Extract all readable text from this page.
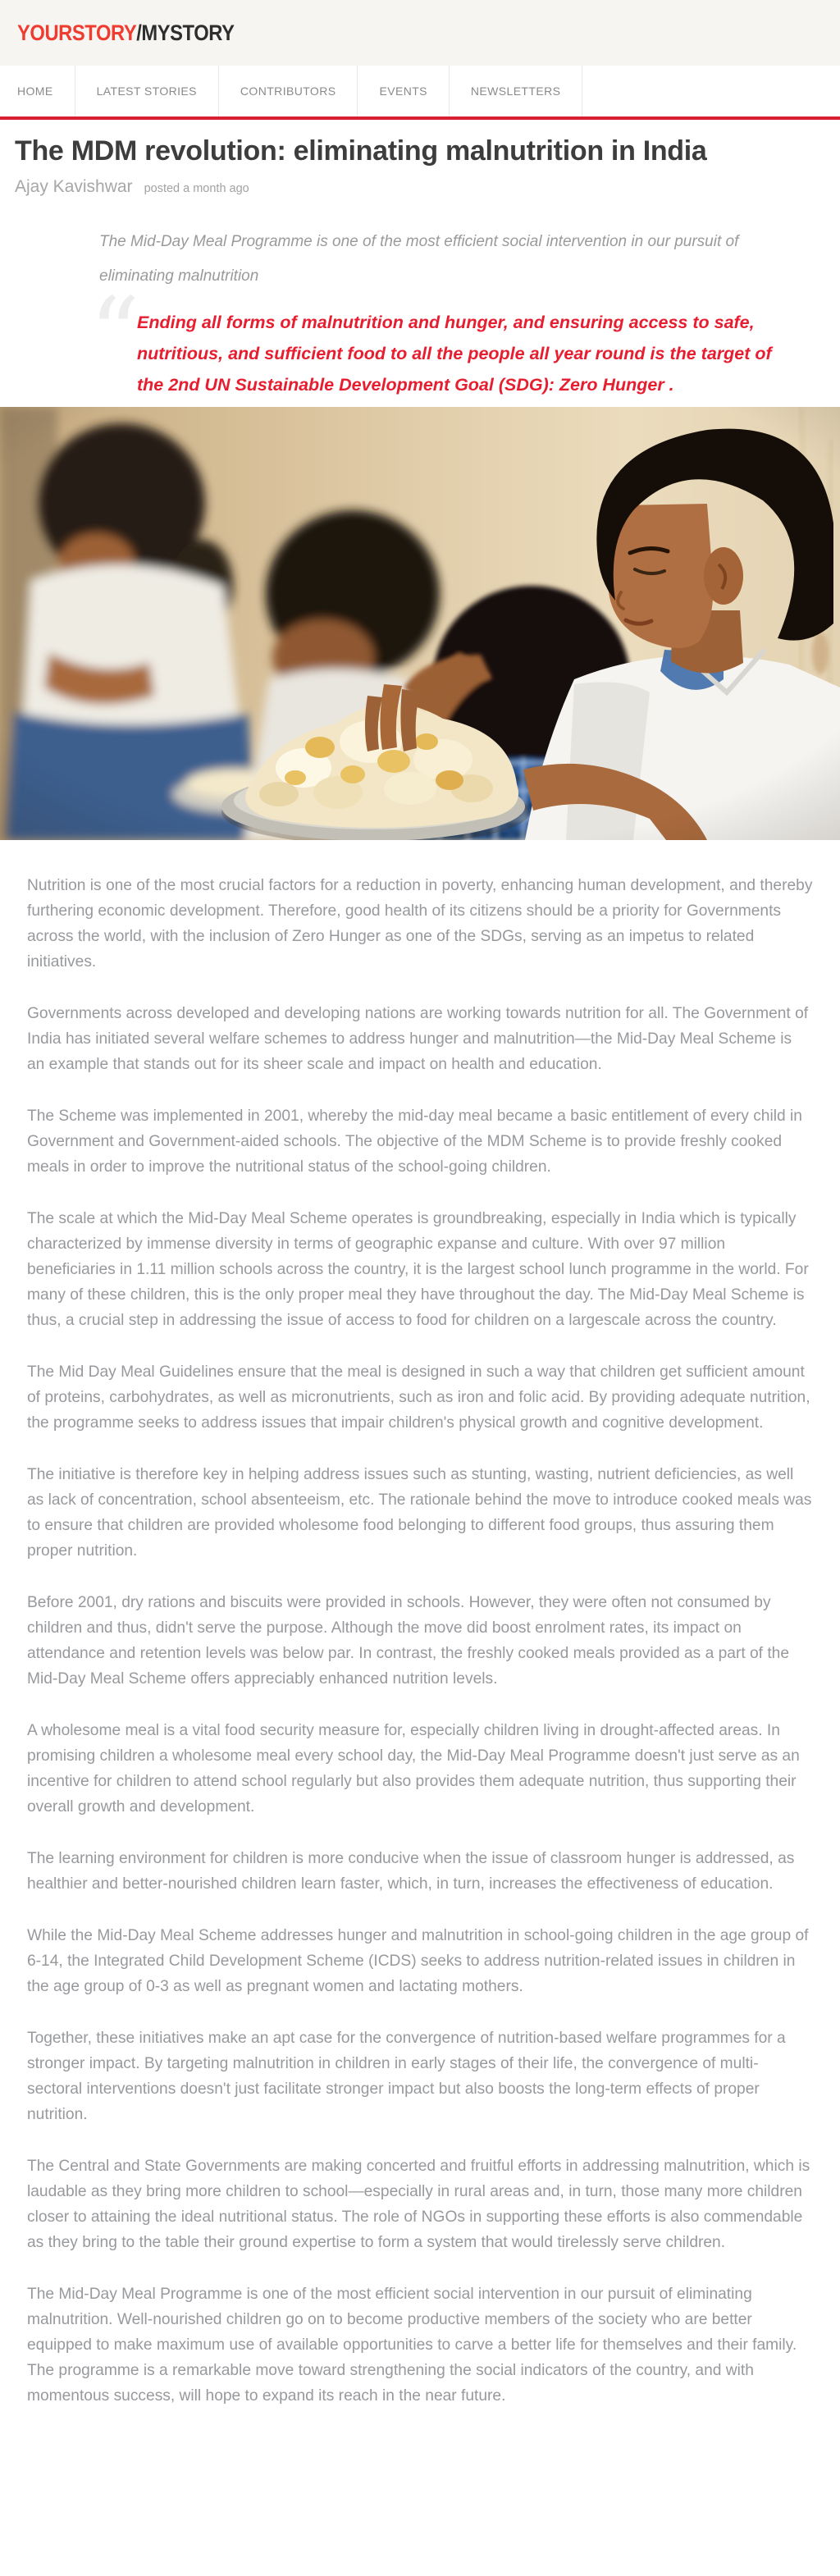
YOURSTORY/MYSTORY
HOME	LATEST STORIES	CONTRIBUTORS	EVENTS	NEWSLETTERS
The MDM revolution: eliminating malnutrition in India
Ajay Kavishwar posted a month ago

The Mid-Day Meal Programme is one of the most efficient social intervention in our pursuit of eliminating malnutrition

“

Ending all forms of malnutrition and hunger, and ensuring access to safe, nutritious, and sufficient food to all the people all year round is the target of the 2nd UN Sustainable Development Goal (SDG): Zero Hunger .

Nutrition is one of the most crucial factors for a reduction in poverty, enhancing human development, and thereby furthering economic development. Therefore, good health of its citizens should be a priority for Governments across the world, with the inclusion of Zero Hunger as one of the SDGs, serving as an impetus to related initiatives.

Governments across developed and developing nations are working towards nutrition for all. The Government of India has initiated several welfare schemes to address hunger and malnutrition—the Mid-Day Meal Scheme is an example that stands out for its sheer scale and impact on health and education.

The Scheme was implemented in 2001, whereby the mid-day meal became a basic entitlement of every child in Government and Government-aided schools. The objective of the MDM Scheme is to provide freshly cooked meals in order to improve the nutritional status of the school-going children.

The scale at which the Mid-Day Meal Scheme operates is groundbreaking, especially in India which is typically characterized by immense diversity in terms of geographic expanse and culture. With over 97 million beneficiaries in 1.11 million schools across the country, it is the largest school lunch programme in the world. For many of these children, this is the only proper meal they have throughout the day. The Mid-Day Meal Scheme is thus, a crucial step in addressing the issue of access to food for children on a largescale across the country.

The Mid Day Meal Guidelines ensure that the meal is designed in such a way that children get sufficient amount of proteins, carbohydrates, as well as micronutrients, such as iron and folic acid. By providing adequate nutrition, the programme seeks to address issues that impair children's physical growth and cognitive development.

The initiative is therefore key in helping address issues such as stunting, wasting, nutrient deficiencies, as well as lack of concentration, school absenteeism, etc. The rationale behind the move to introduce cooked meals was to ensure that children are provided wholesome food belonging to different food groups, thus assuring them proper nutrition.

Before 2001, dry rations and biscuits were provided in schools. However, they were often not consumed by children and thus, didn't serve the purpose. Although the move did boost enrolment rates, its impact on attendance and retention levels was below par. In contrast, the freshly cooked meals provided as a part of the Mid-Day Meal Scheme offers appreciably enhanced nutrition levels.

A wholesome meal is a vital food security measure for, especially children living in drought-affected areas. In promising children a wholesome meal every school day, the Mid-Day Meal Programme doesn't just serve as an incentive for children to attend school regularly but also provides them adequate nutrition, thus supporting their overall growth and development.

The learning environment for children is more conducive when the issue of classroom hunger is addressed, as healthier and better-nourished children learn faster, which, in turn, increases the effectiveness of education.

While the Mid-Day Meal Scheme addresses hunger and malnutrition in school-going children in the age group of 6-14, the Integrated Child Development Scheme (ICDS) seeks to address nutrition-related issues in children in the age group of 0-3 as well as pregnant women and lactating mothers.

Together, these initiatives make an apt case for the convergence of nutrition-based welfare programmes for a stronger impact. By targeting malnutrition in children in early stages of their life, the convergence of multi-sectoral interventions doesn't just facilitate stronger impact but also boosts the long-term effects of proper nutrition.

The Central and State Governments are making concerted and fruitful efforts in addressing malnutrition, which is laudable as they bring more children to school—especially in rural areas and, in turn, those many more children closer to attaining the ideal nutritional status. The role of NGOs in supporting these efforts is also commendable as they bring to the table their ground expertise to form a system that would tirelessly serve children.

The Mid-Day Meal Programme is one of the most efficient social intervention in our pursuit of eliminating malnutrition. Well-nourished children go on to become productive members of the society who are better equipped to make maximum use of available opportunities to carve a better life for themselves and their family. The programme is a remarkable move toward strengthening the social indicators of the country, and with momentous success, will hope to expand its reach in the near future.
